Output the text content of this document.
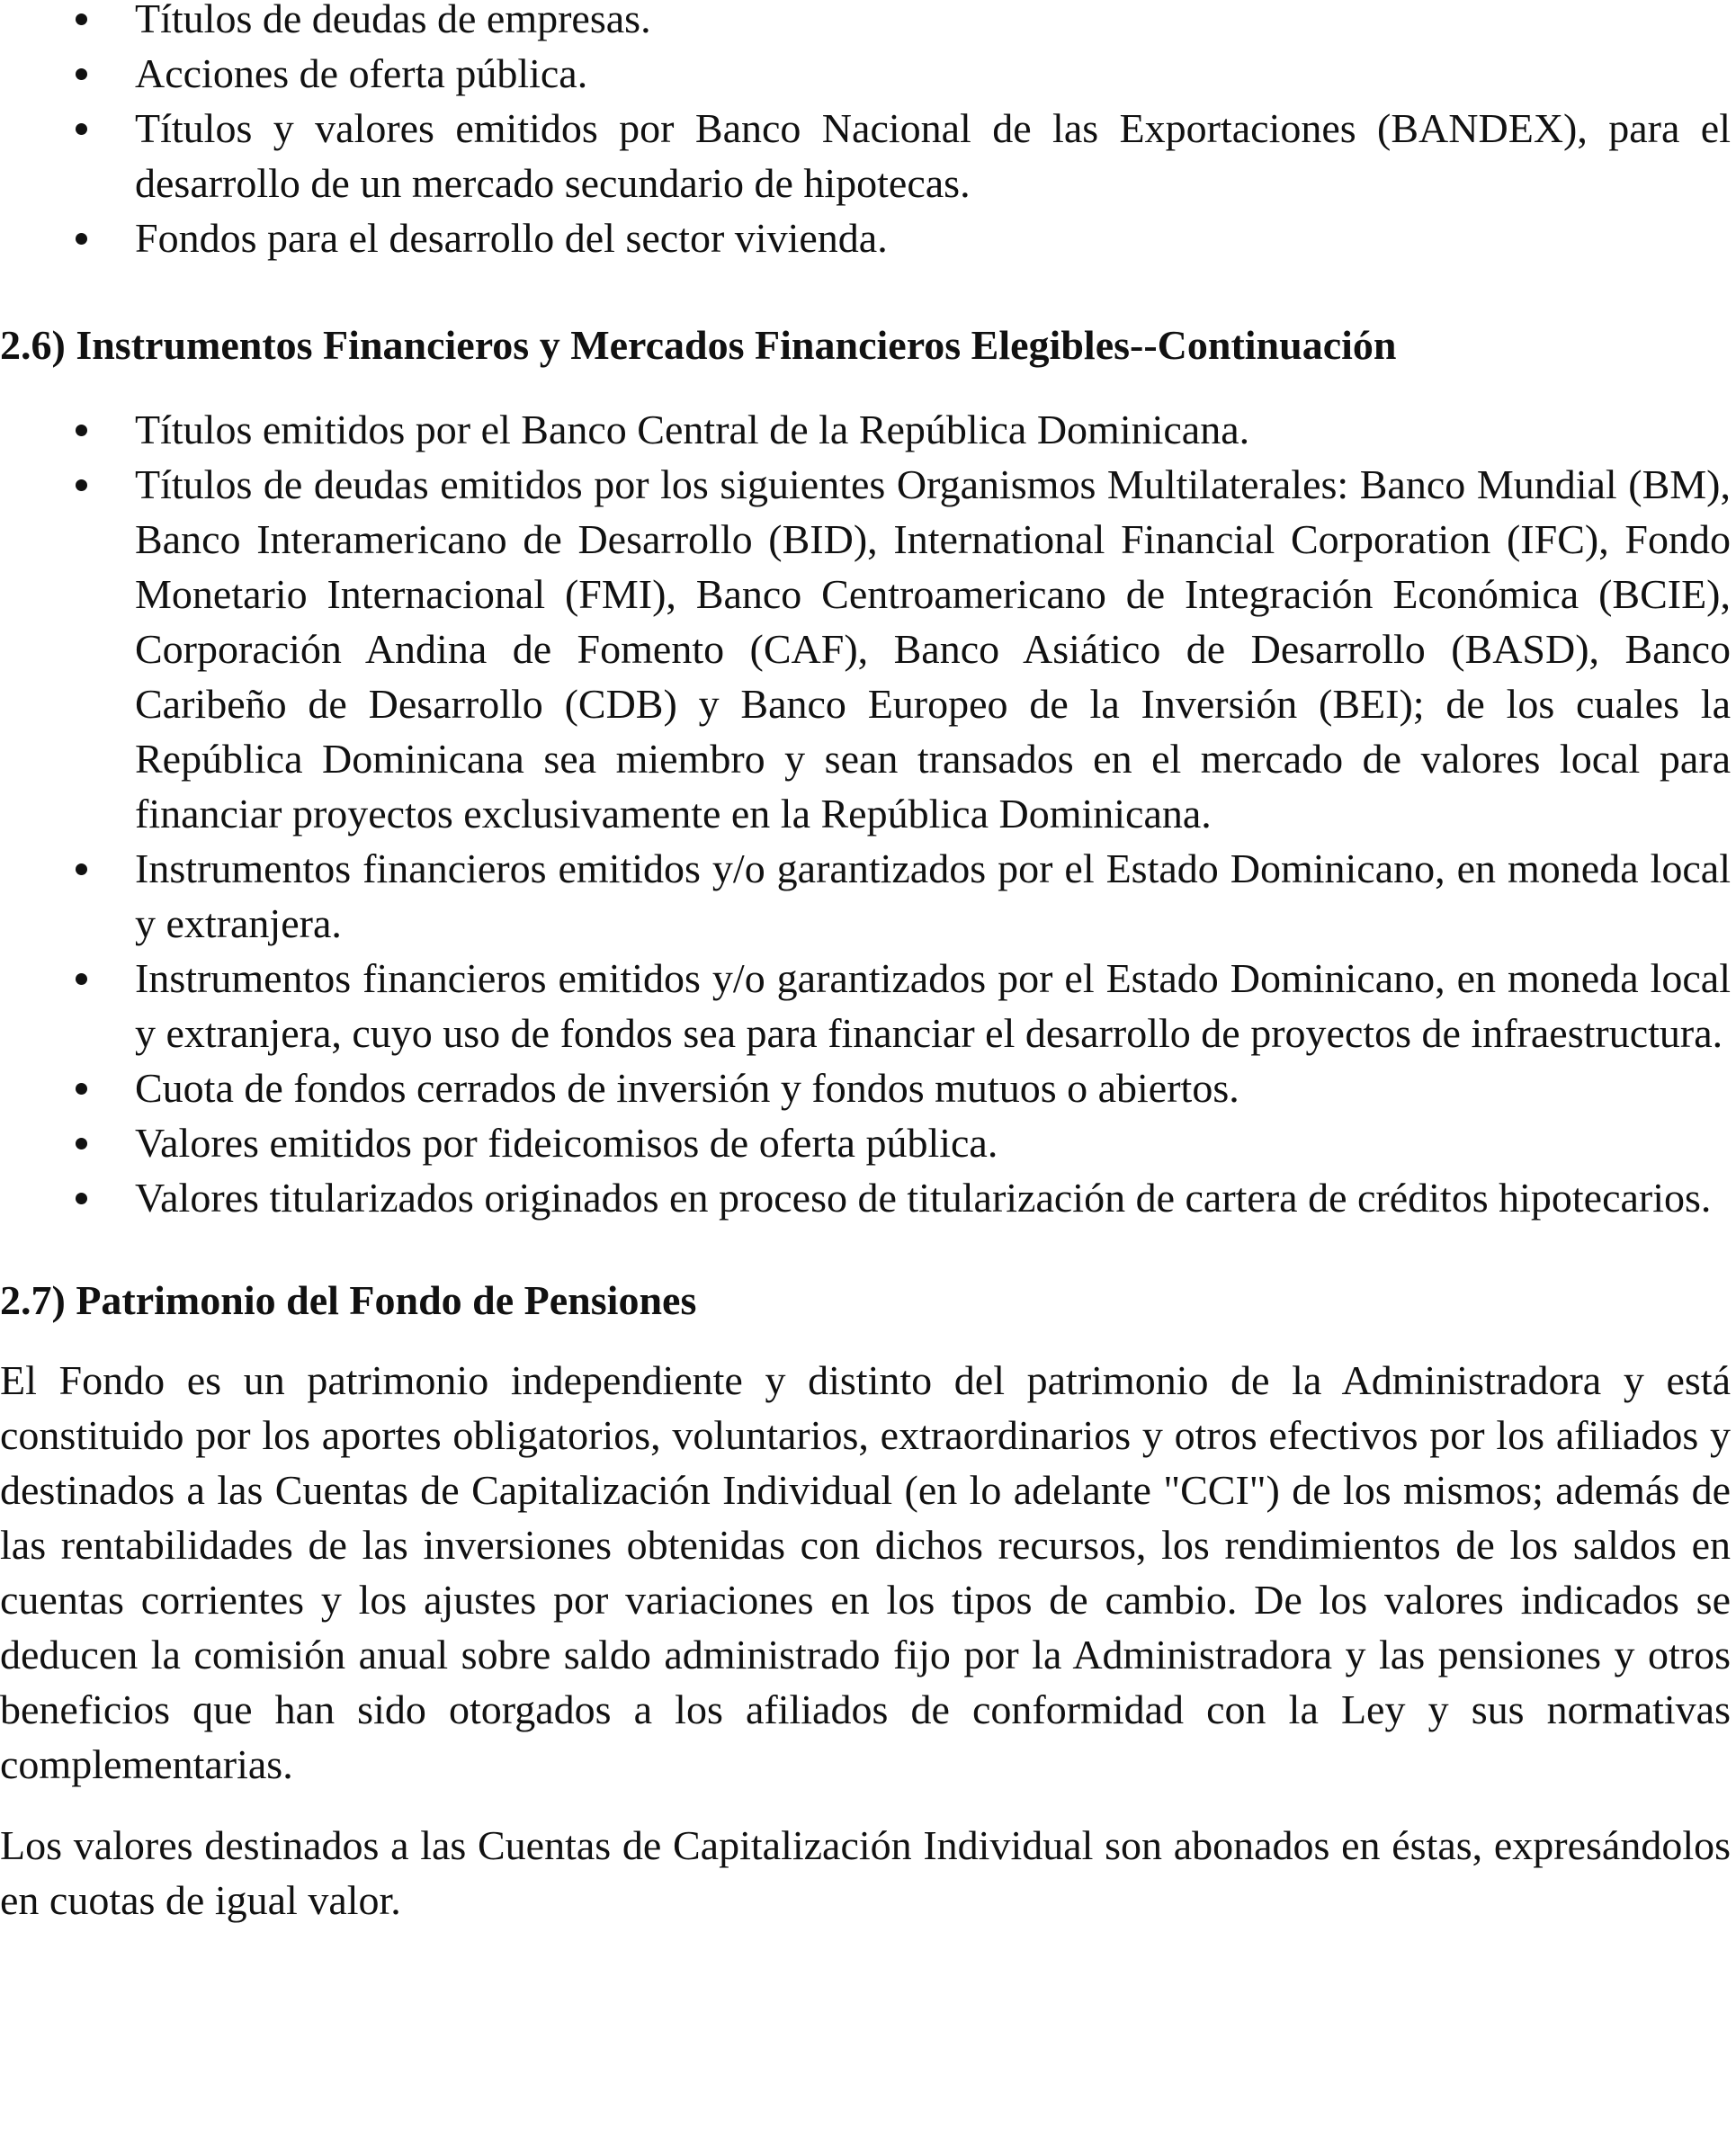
Títulos de deudas de empresas.
Acciones de oferta pública.
Títulos y valores emitidos por Banco Nacional de las Exportaciones (BANDEX), para el desarrollo de un mercado secundario de hipotecas.
Fondos para el desarrollo del sector vivienda.
2.6) Instrumentos Financieros y Mercados Financieros Elegibles--Continuación
Títulos emitidos por el Banco Central de la República Dominicana.
Títulos de deudas emitidos por los siguientes Organismos Multilaterales: Banco Mundial (BM), Banco Interamericano de Desarrollo (BID), International Financial Corporation (IFC), Fondo Monetario Internacional (FMI), Banco Centroamericano de Integración Económica (BCIE), Corporación Andina de Fomento (CAF), Banco Asiático de Desarrollo (BASD), Banco Caribeño de Desarrollo (CDB) y Banco Europeo de la Inversión (BEI); de los cuales la República Dominicana sea miembro y sean transados en el mercado de valores local para financiar proyectos exclusivamente en la República Dominicana.
Instrumentos financieros emitidos y/o garantizados por el Estado Dominicano, en moneda local y extranjera.
Instrumentos financieros emitidos y/o garantizados por el Estado Dominicano, en moneda local y extranjera, cuyo uso de fondos sea para financiar el desarrollo de proyectos de infraestructura.
Cuota de fondos cerrados de inversión y fondos mutuos o abiertos.
Valores emitidos por fideicomisos de oferta pública.
Valores titularizados originados en proceso de titularización de cartera de créditos hipotecarios.
2.7) Patrimonio del Fondo de Pensiones

El Fondo es un patrimonio independiente y distinto del patrimonio de la Administradora y está constituido por los aportes obligatorios, voluntarios, extraordinarios y otros efectivos por los afiliados y destinados a las Cuentas de Capitalización Individual (en lo adelante "CCI") de los mismos; además de las rentabilidades de las inversiones obtenidas con dichos recursos, los rendimientos de los saldos en cuentas corrientes y los ajustes por variaciones en los tipos de cambio. De los valores indicados se deducen la comisión anual sobre saldo administrado fijo por la Administradora y las pensiones y otros beneficios que han sido otorgados a los afiliados de conformidad con la Ley y sus normativas complementarias.

Los valores destinados a las Cuentas de Capitalización Individual son abonados en éstas, expresándolos en cuotas de igual valor.
